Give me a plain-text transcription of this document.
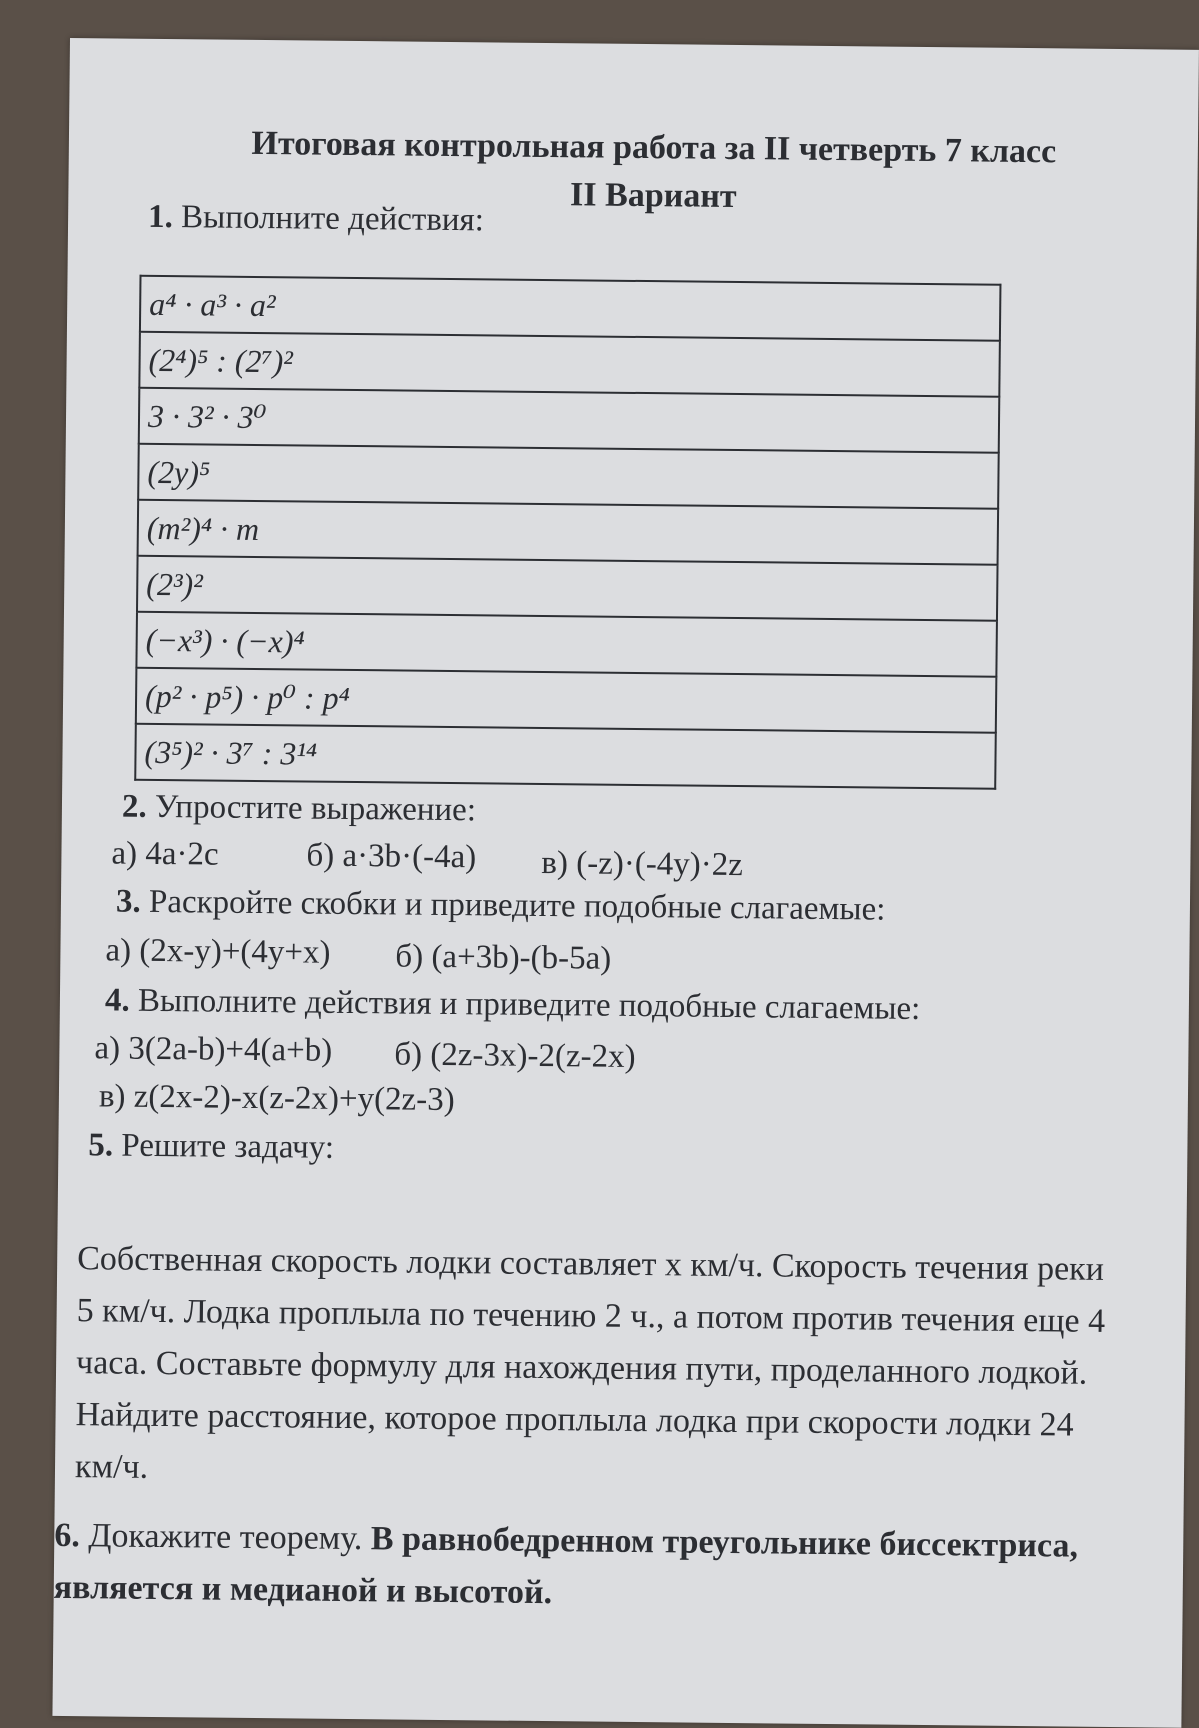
Итоговая контрольная работа за II четверть 7 класс
II Вариант
1. Выполните действия:
a⁴ · a³ · a²
(2⁴)⁵ : (2⁷)²
3 · 3² · 3⁰
(2y)⁵
(m²)⁴ · m
(2³)²
(−x³) · (−x)⁴
(p² · p⁵) · p⁰ : p⁴
(3⁵)² · 3⁷ : 3¹⁴
2. Упростите выражение:
а) 4a·2c	б) a·3b·(-4a) в) (-z)·(-4y)·2z
3. Раскройте скобки и приведите подобные слагаемые:
а) (2x-y)+(4y+x) б) (a+3b)-(b-5a)
4. Выполните действия и приведите подобные слагаемые:
а) 3(2a-b)+4(a+b) б) (2z-3x)-2(z-2x)
в) z(2x-2)-x(z-2x)+y(2z-3)
5. Решите задачу:
Собственная скорость лодки составляет x км/ч. Скорость течения реки 5 км/ч. Лодка проплыла по течению 2 ч., а потом против течения еще 4 часа. Составьте формулу для нахождения пути, проделанного лодкой. Найдите расстояние, которое проплыла лодка при скорости лодки 24 км/ч.
6. Докажите теорему. В равнобедренном треугольнике биссектриса, является и медианой и высотой.
